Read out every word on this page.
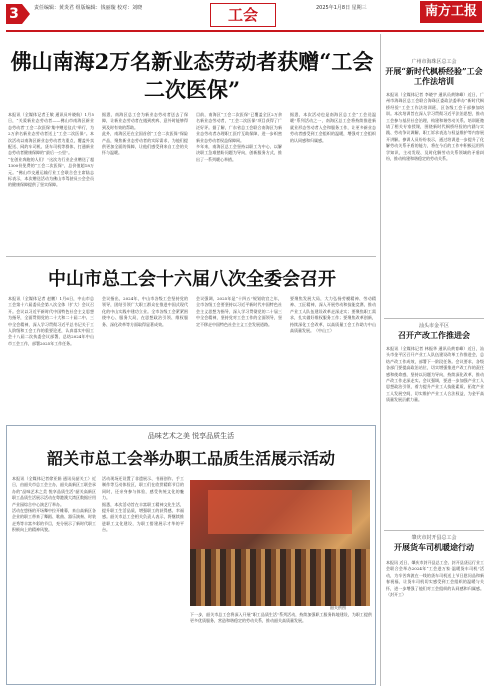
3	责任编辑：黄炎君 组版编辑：钱丽璇 校对：刘晓	工会	2025年1月8日 星期三	南方工报
佛山南海2万名新业态劳动者获赠“工会二次医保”
本报讯（全媒体记者王敏 通讯员叶晓航）1月5日，“关爱新业态劳动者——佛山市南海区新业态劳动者‘工会二次医保’集中赠送仪式”举行，为2万余名新业态劳动者送上“工会二次医保”。本次活动以南海区新业态劳动者为重点，覆盖外卖配送、网约车司机、货车司机等群体，打通新业态劳动者健康保障的“最后一公里”。
“在创业奔跑的人们！”这次为行业企业赠送了超1300份免费的“工会二次医保”，总价值超18万元。“佛山市交通运输行业工会联合会主席陆志标表示，本次赠送活动为佛山市驾驶员公会会员的健康保障提供了坚实保障。
据悉，南海区总工会为新业态劳动者送去了保障，让新业态劳动者在遇到疾病、意外时能够得到及时有效的帮助。
此外，南海区还在全国首创“工会二次医保”保险产品，聚焦新业态劳动者的实际需求，为他们提供更加全面的保障，让他们感受到来自工会的关怀与温暖。
目前，南海区“工会二次医保”已覆盖全区2万余名新业态劳动者，“工会二次医保”项目获得了广泛好评。据了解，广东省总工会联合南海区为新业态劳动者办理职工医疗互助保障，进一步织密新业态劳动者权益保障网。
多年来，南海区总工会坚持以职工为中心，以解决职工急难愁盼问题为导向，创新服务方式，推出了一系列暖心举措。
据悉，本次活动也是南海区总工会“工会送温暖”系列活动之一，南海区总工会将持续推进新就业形态劳动者入会和服务工作，让更多新业态劳动者感受到工会组织的温暖，增强对工会组织的认同感和归属感。

中山市总工会十六届八次全委会召开
本报讯（全媒体记者 赵鹏）1月6日，中山市总工会第十六届委员会第八次全体（扩大）会议召开。会议以习近平新时代中国特色社会主义思想为指导，全面贯彻党的二十大和二十届二中、三中全会精神，深入学习贯彻习近平总书记关于工人阶级和工会工作的重要论述，认真落实中国工会十八届二次执委会议部署，总结2024年中山市工会工作，部署2025年工作任务。
会议指出，2024年，中山市各级工会坚持党的领导，团结引领广大职工群众在推进中国式现代化的中山实践中建功立业。全市各级工会紧紧围绕中心、服务大局，在思想政治引领、维权服务、深化改革等方面取得显著成效。
会议强调，2025年是“十四五”规划收官之年，全市各级工会要坚持以习近平新时代中国特色社会主义思想为指导，深入学习贯彻党的二十届三中全会精神，坚持党对工会工作的全面领导，坚定不移走中国特色社会主义工会发展道路。
要聚焦发展大局，大力弘扬劳模精神、劳动精神、工匠精神，深入开展劳动和技能竞赛，推动产业工人队伍建设改革走深走实；要聚焦职工需求，扎实做好维权服务工作；要聚焦改革创新，持续深化工会改革，以高质量工会工作助力中山高质量发展。（中山工）
品味艺术之美 悦享品质生活
韶关市总工会举办职工品质生活展示活动
本报讯（全媒体记者徐亚娟 通讯员韶关工）近日，由韶关市总工会主办，韶关高新区工联会承办的“品味艺术之美 悦享品质生活”韶关高新区职工品质生活展示活动在粤港澳大湾区数据应用产业园综合中心演艺厅举办。
活动在悠扬的开场舞中拉开帷幕，来自高新区各企业的职工带来了舞蹈、歌曲、器乐演奏、时装走秀等丰富多彩的节目，充分展示了新时代职工积极向上的精神风貌。
活动现场还设置了非遗展示、书画创作、手工制作等互动体验区，职工们在欣赏精彩节目的同时，还亲身参与体验，感受传统文化的魅力。
据悉，本次活动旨在丰富职工精神文化生活，提升职工生活品质，增强职工的获得感、幸福感。韶关市总工会相关负责人表示，将继续推进职工文化建设，为职工搭建展示才华的平台。
韶关供图
下一步，韶关市总工会将深入开展“职工品质生活”系列活动，持续加强职工服务阵地建设，为职工提供更多优质服务，营造和谐稳定的劳动关系，推动韶关高质量发展。
广州市海珠区总工会
开展“新时代枫桥经验”工会工作法培训
本报讯（全媒体记者 李晓宇 通讯员黄锦峰）近日，广州市海珠区总工会联合海珠区委政法委举办“新时代枫桥经验”工会工作法培训班，区各级工会干部参加培训。本次培训旨在深入学习贯彻习近平法治思想，推动工会参与基层社会治理，构建和谐劳动关系。培训班邀请了相关专家授课，围绕新时代枫桥经验的内涵与实践、劳动争议调解、职工诉求表达与权益维护等内容展开讲解。参训人员纷纷表示，通过培训进一步提升了化解劳动关系矛盾的能力，将在今后的工作中积极运用所学知识，主动发现、及时化解劳动关系领域的矛盾纠纷，推动构建和谐稳定的劳动关系。
汕头市金平区
召开产改工作推进会
本报讯（全媒体记者 林振华 通讯员黄育峰）近日，汕头市金平区召开产业工人队伍建设改革工作推进会，总结产改工作成效，部署下一阶段任务。会议要求，各级各部门要提高政治站位，切实增强推进产改工作的责任感和使命感，坚持以问题为导向，持续深化改革，推动产改工作走深走实。会议强调，要进一步加强产业工人思想政治引领，着力提升产业工人技能素质，拓宽产业工人发展空间，切实维护产业工人合法权益，为金平高质量发展贡献力量。
肇庆市封开县总工会
开展货车司机暖途行动
本报讯 近日，肇庆市封开县总工会、封开县货运行业工会联合会举办2024年“工会进万家·温暖货车司机”活动，为辛苦奔波在一线的货车司机送上节日慰问品和新春祝福，让货车司机切实感受到工会组织的温暖与关怀，进一步增强了他们对工会组织的认同感和归属感。（封开工）
